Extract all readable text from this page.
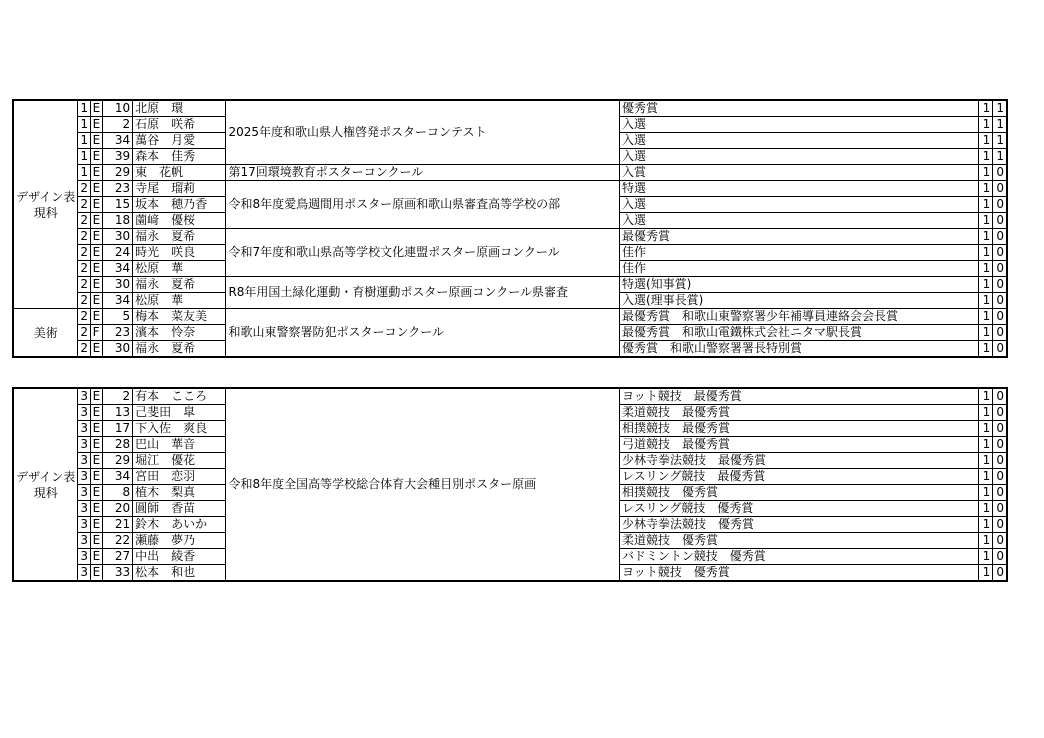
デザイン表現科	1	E	10	北原　環	2025年度和歌山県人権啓発ポスターコンテスト	優秀賞	1	1
	1	E	2	石原　咲希		入選	1	1
	1	E	34	萬谷　月愛		入選	1	1
	1	E	39	森本　佳秀		入選	1	1
	1	E	29	東　花帆	第17回環境教育ポスターコンクール	入賞	1	0
	2	E	23	寺尾　瑠莉	令和8年度愛鳥週間用ポスター原画和歌山県審査高等学校の部	特選	1	0
	2	E	15	坂本　穂乃香		入選	1	0
	2	E	18	薗﨑　優桜		入選	1	0
	2	E	30	福永　夏希	令和7年度和歌山県高等学校文化連盟ポスター原画コンクール	最優秀賞	1	0
	2	E	24	時光　咲良		佳作	1	0
	2	E	34	松原　華		佳作	1	0
	2	E	30	福永　夏希	R8年用国土緑化運動・育樹運動ポスター原画コンクール県審査	特選(知事賞)	1	0
	2	E	34	松原　華		入選(理事長賞)	1	0
美術	2	E	5	梅本　菜友美	和歌山東警察署防犯ポスターコンクール	最優秀賞　和歌山東警察署少年補導員連絡会会長賞	1	0
	2	F	23	濱本　怜奈		最優秀賞　和歌山電鐵株式会社ニタマ駅長賞	1	0
	2	E	30	福永　夏希		優秀賞　和歌山警察署署長特別賞	1	0
デザイン表現科	3	E	2	有本　こころ	令和8年度全国高等学校総合体育大会種目別ポスター原画	ヨット競技　最優秀賞	1	0
	3	E	13	己斐田　皐		柔道競技　最優秀賞	1	0
	3	E	17	下入佐　爽良		相撲競技　最優秀賞	1	0
	3	E	28	巴山　華音		弓道競技　最優秀賞	1	0
	3	E	29	堀江　優花		少林寺拳法競技　最優秀賞	1	0
	3	E	34	宮田　恋羽		レスリング競技　最優秀賞	1	0
	3	E	8	植木　梨真		相撲競技　優秀賞	1	0
	3	E	20	圓師　香苗		レスリング競技　優秀賞	1	0
	3	E	21	鈴木　あいか		少林寺拳法競技　優秀賞	1	0
	3	E	22	瀬藤　夢乃		柔道競技　優秀賞	1	0
	3	E	27	中出　綾香		バドミントン競技　優秀賞	1	0
	3	E	33	松本　和也		ヨット競技　優秀賞	1	0
